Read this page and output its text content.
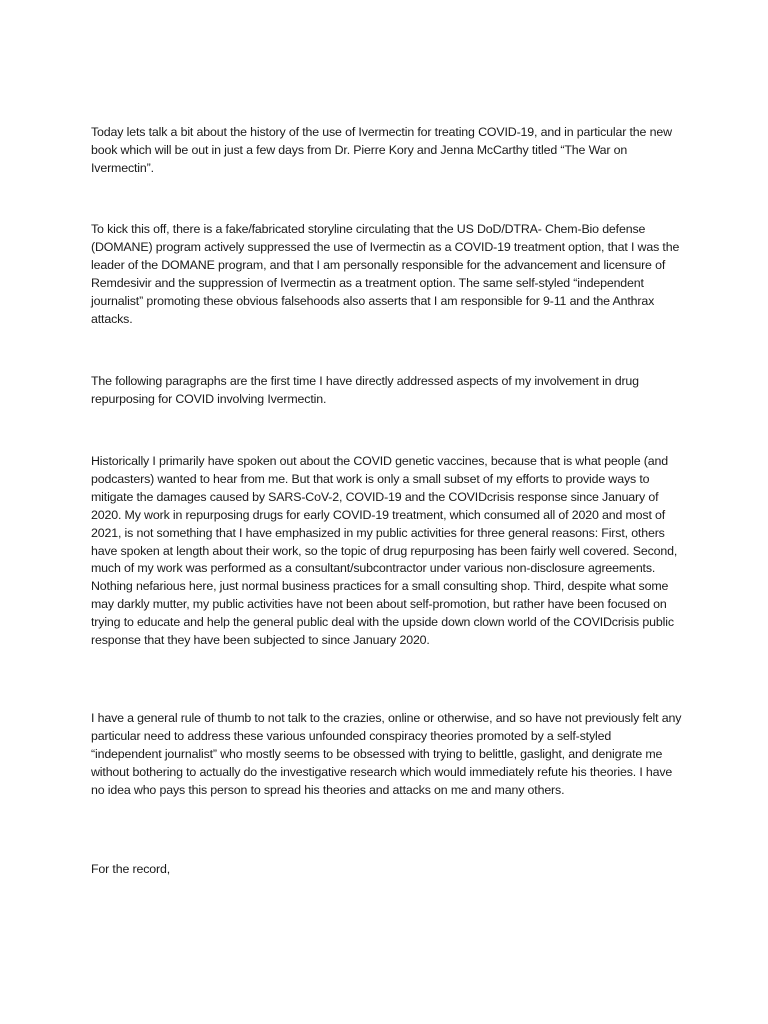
Today lets talk a bit about the history of the use of Ivermectin for treating COVID-19, and in particular the new book which will be out in just a few days from Dr. Pierre Kory and Jenna McCarthy titled “The War on Ivermectin”.

To kick this off, there is a fake/fabricated storyline circulating that the US DoD/DTRA- Chem-Bio defense (DOMANE) program actively suppressed the use of Ivermectin as a COVID-19 treatment option, that I was the leader of the DOMANE program, and that I am personally responsible for the advancement and licensure of Remdesivir and the suppression of Ivermectin as a treatment option. The same self-styled “independent journalist” promoting these obvious falsehoods also asserts that I am responsible for 9-11 and the Anthrax attacks.

The following paragraphs are the first time I have directly addressed aspects of my involvement in drug repurposing for COVID involving Ivermectin.

Historically I primarily have spoken out about the COVID genetic vaccines, because that is what people (and podcasters) wanted to hear from me. But that work is only a small subset of my efforts to provide ways to mitigate the damages caused by SARS-CoV-2, COVID-19 and the COVIDcrisis response since January of 2020. My work in repurposing drugs for early COVID-19 treatment, which consumed all of 2020 and most of 2021, is not something that I have emphasized in my public activities for three general reasons: First, others have spoken at length about their work, so the topic of drug repurposing has been fairly well covered. Second, much of my work was performed as a consultant/subcontractor under various non-disclosure agreements. Nothing nefarious here, just normal business practices for a small consulting shop. Third, despite what some may darkly mutter, my public activities have not been about self-promotion, but rather have been focused on trying to educate and help the general public deal with the upside down clown world of the COVIDcrisis public response that they have been subjected to since January 2020.

I have a general rule of thumb to not talk to the crazies, online or otherwise, and so have not previously felt any particular need to address these various unfounded conspiracy theories promoted by a self-styled “independent journalist” who mostly seems to be obsessed with trying to belittle, gaslight, and denigrate me without bothering to actually do the investigative research which would immediately refute his theories. I have no idea who pays this person to spread his theories and attacks on me and many others.

For the record,
